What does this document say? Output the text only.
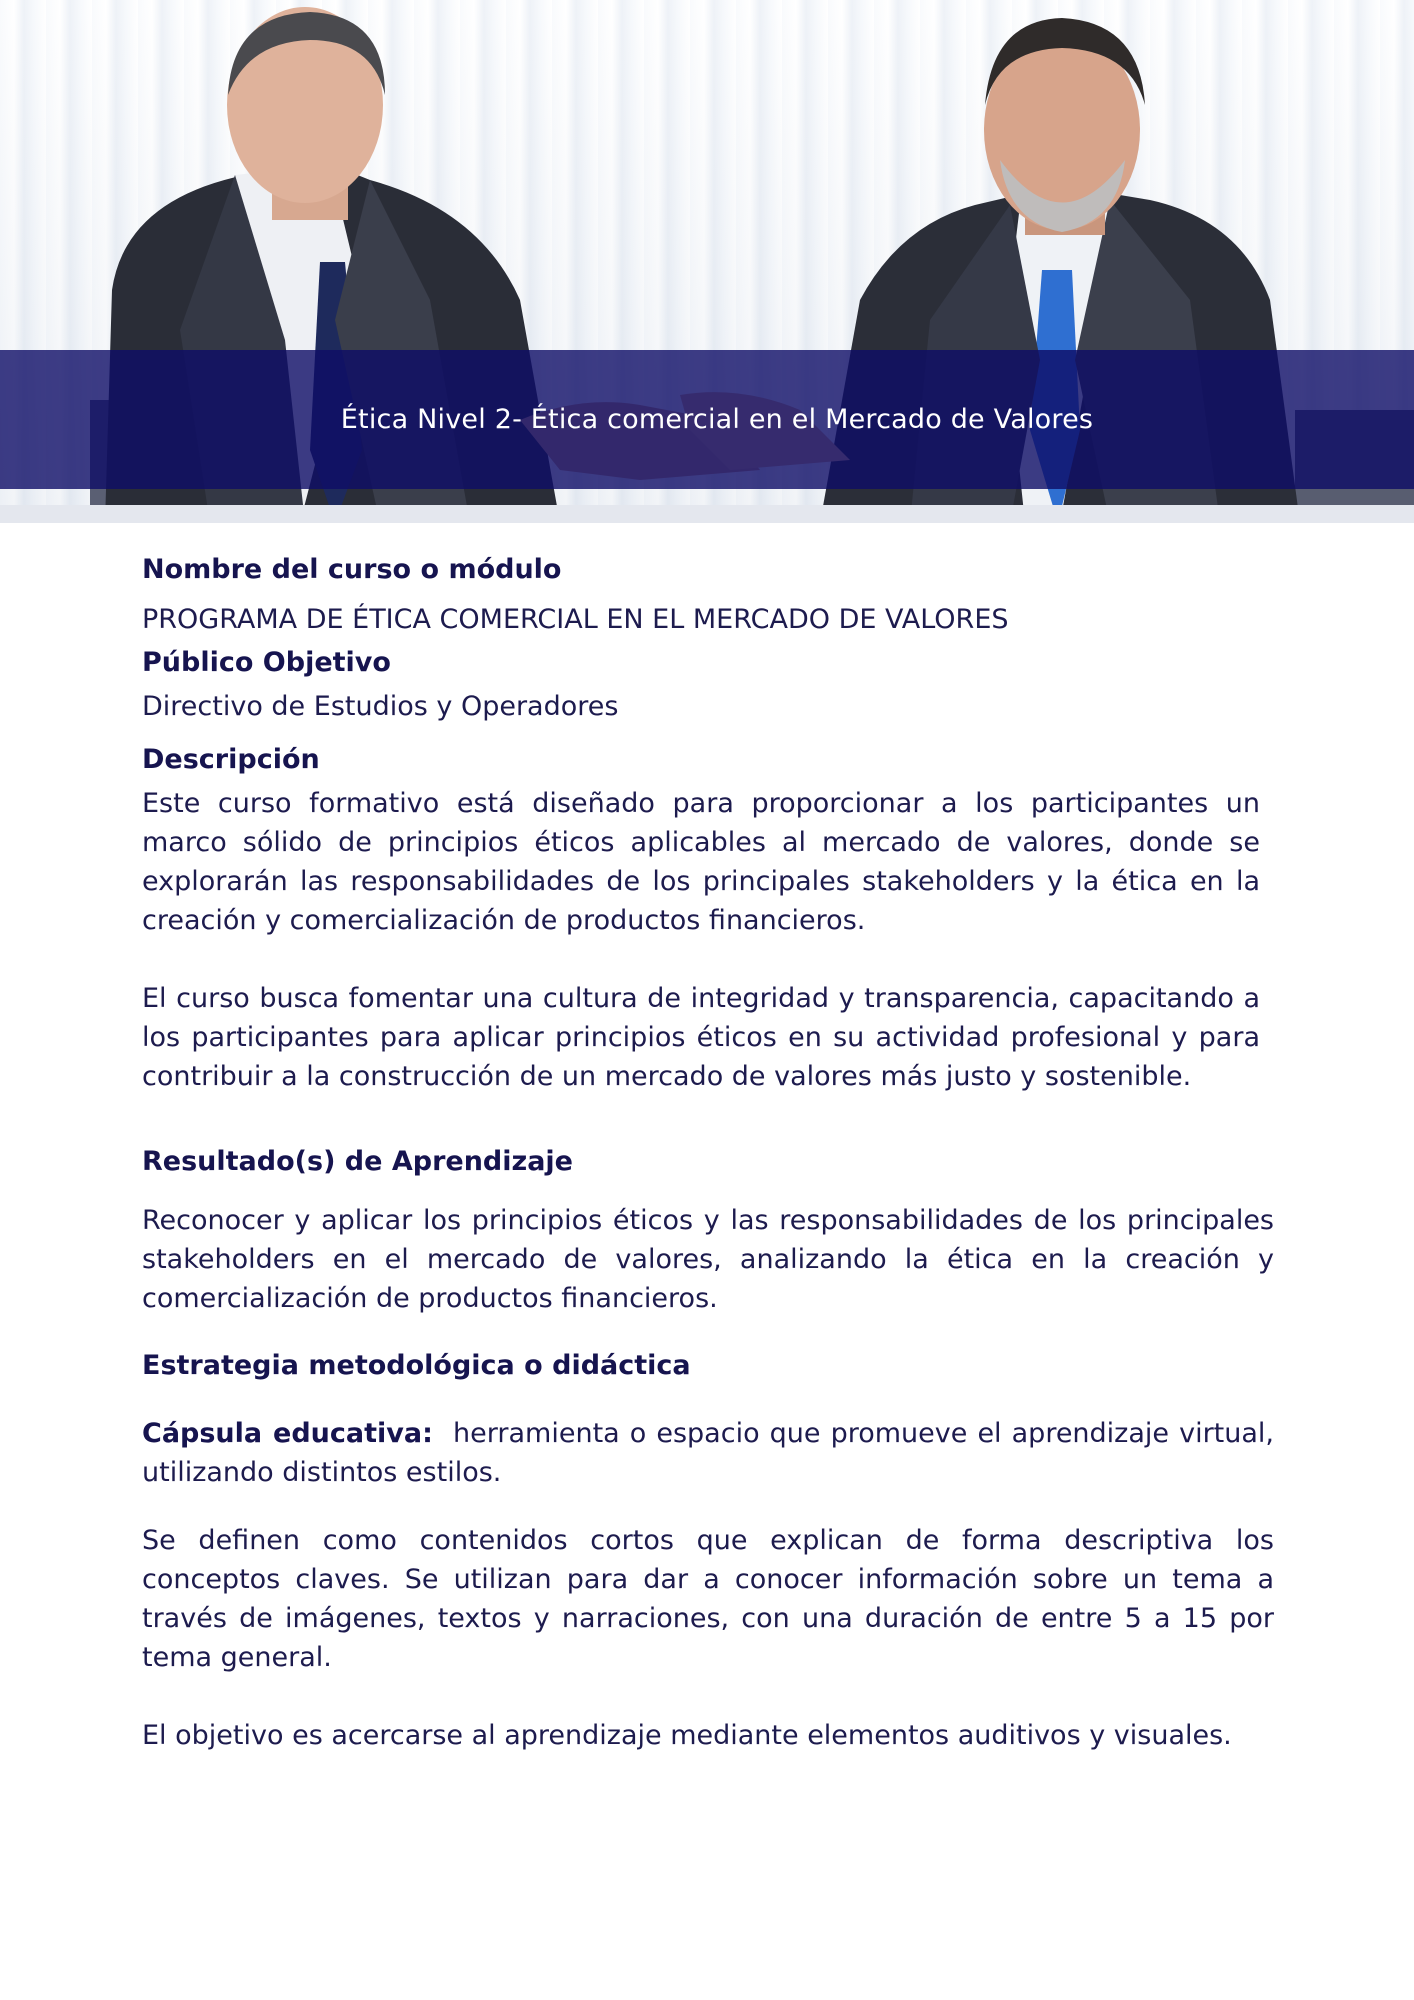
Ética Nivel 2- Ética comercial en el Mercado de Valores

Nombre del curso o módulo

PROGRAMA DE ÉTICA COMERCIAL EN EL MERCADO DE VALORES

Público Objetivo

Directivo de Estudios y Operadores

Descripción

Este curso formativo está diseñado para proporcionar a los participantes un marco sólido de principios éticos aplicables al mercado de valores, donde se explorarán las responsabilidades de los principales stakeholders y la ética en la creación y comercialización de productos financieros.

El curso busca fomentar una cultura de integridad y transparencia, capacitando a los participantes para aplicar principios éticos en su actividad profesional y para contribuir a la construcción de un mercado de valores más justo y sostenible.

Resultado(s) de Aprendizaje

Reconocer y aplicar los principios éticos y las responsabilidades de los principales stakeholders en el mercado de valores, analizando la ética en la creación y comercialización de productos financieros.

Estrategia metodológica o didáctica

Cápsula educativa: herramienta o espacio que promueve el aprendizaje virtual, utilizando distintos estilos.

Se definen como contenidos cortos que explican de forma descriptiva los conceptos claves. Se utilizan para dar a conocer información sobre un tema a través de imágenes, textos y narraciones, con una duración de entre 5 a 15 por tema general.

El objetivo es acercarse al aprendizaje mediante elementos auditivos y visuales.
